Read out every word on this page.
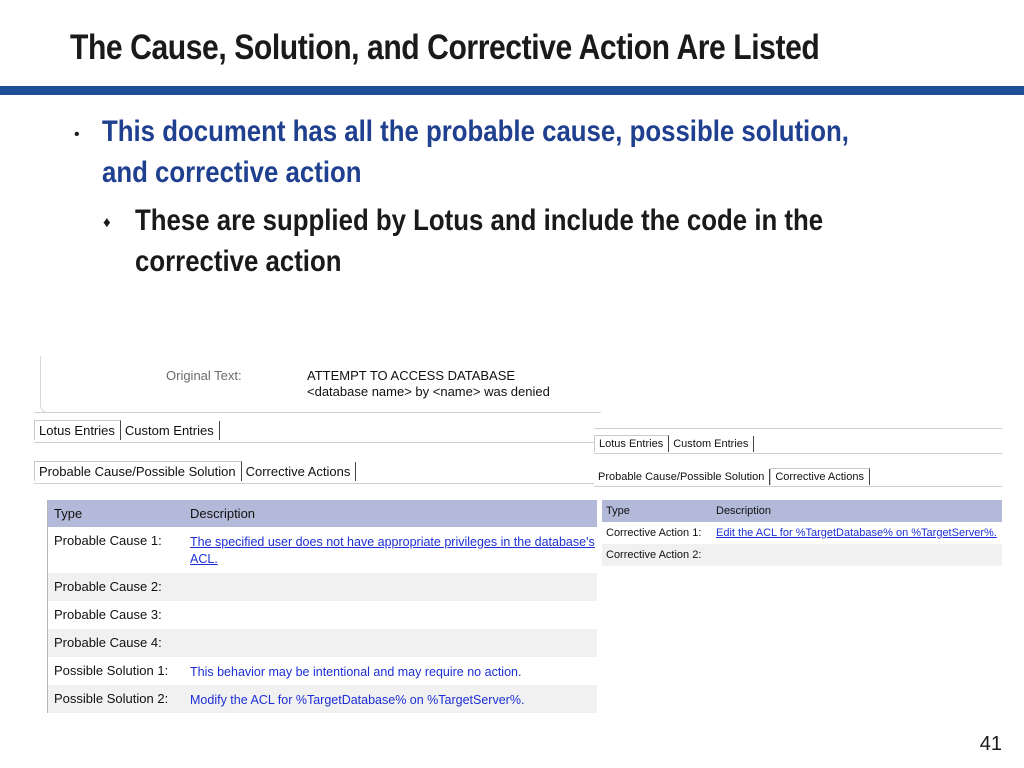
The Cause, Solution, and Corrective Action Are Listed
• This document has all the probable cause, possible solution, and corrective action
♦ These are supplied by Lotus and include the code in the corrective action
Original Text:	ATTEMPT TO ACCESS DATABASE
<database name> by <name> was denied
Lotus Entries Custom Entries
Probable Cause/Possible Solution Corrective Actions
Type	Description
Probable Cause 1:	The specified user does not have appropriate privileges in the database's ACL.
Probable Cause 2:
Probable Cause 3:
Probable Cause 4:
Possible Solution 1:	This behavior may be intentional and may require no action.
Possible Solution 2:	Modify the ACL for %TargetDatabase% on %TargetServer%.
Lotus Entries Custom Entries
Probable Cause/Possible Solution	Corrective Actions
Type	Description
Corrective Action 1:	Edit the ACL for %TargetDatabase% on %TargetServer%.
Corrective Action 2:
41
